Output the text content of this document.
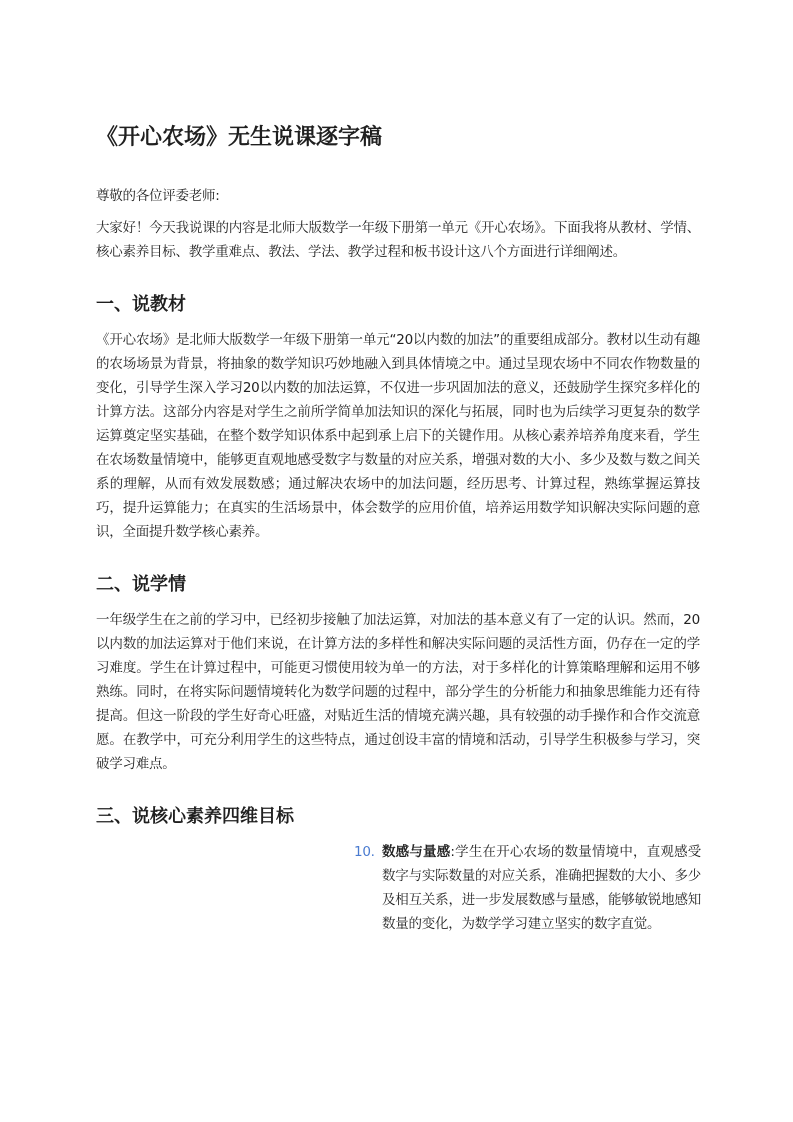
《开心农场》无生说课逐字稿

尊敬的各位评委老师:

大家好！今天我说课的内容是北师大版数学一年级下册第一单元《开心农场》。下面我将从教材、学情、核心素养目标、教学重难点、教法、学法、教学过程和板书设计这八个方面进行详细阐述。

一、说教材

《开心农场》是北师大版数学一年级下册第一单元“20以内数的加法”的重要组成部分。教材以生动有趣的农场场景为背景，将抽象的数学知识巧妙地融入到具体情境之中。通过呈现农场中不同农作物数量的变化，引导学生深入学习20以内数的加法运算，不仅进一步巩固加法的意义，还鼓励学生探究多样化的计算方法。这部分内容是对学生之前所学简单加法知识的深化与拓展，同时也为后续学习更复杂的数学运算奠定坚实基础，在整个数学知识体系中起到承上启下的关键作用。从核心素养培养角度来看，学生在农场数量情境中，能够更直观地感受数字与数量的对应关系，增强对数的大小、多少及数与数之间关系的理解，从而有效发展数感；通过解决农场中的加法问题，经历思考、计算过程，熟练掌握运算技巧，提升运算能力；在真实的生活场景中，体会数学的应用价值，培养运用数学知识解决实际问题的意识，全面提升数学核心素养。

二、说学情

一年级学生在之前的学习中，已经初步接触了加法运算，对加法的基本意义有了一定的认识。然而，20以内数的加法运算对于他们来说，在计算方法的多样性和解决实际问题的灵活性方面，仍存在一定的学习难度。学生在计算过程中，可能更习惯使用较为单一的方法，对于多样化的计算策略理解和运用不够熟练。同时，在将实际问题情境转化为数学问题的过程中，部分学生的分析能力和抽象思维能力还有待提高。但这一阶段的学生好奇心旺盛，对贴近生活的情境充满兴趣，具有较强的动手操作和合作交流意愿。在教学中，可充分利用学生的这些特点，通过创设丰富的情境和活动，引导学生积极参与学习，突破学习难点。

三、说核心素养四维目标
10. 数感与量感:学生在开心农场的数量情境中，直观感受数字与实际数量的对应关系，准确把握数的大小、多少及相互关系，进一步发展数感与量感，能够敏锐地感知数量的变化，为数学学习建立坚实的数字直觉。
